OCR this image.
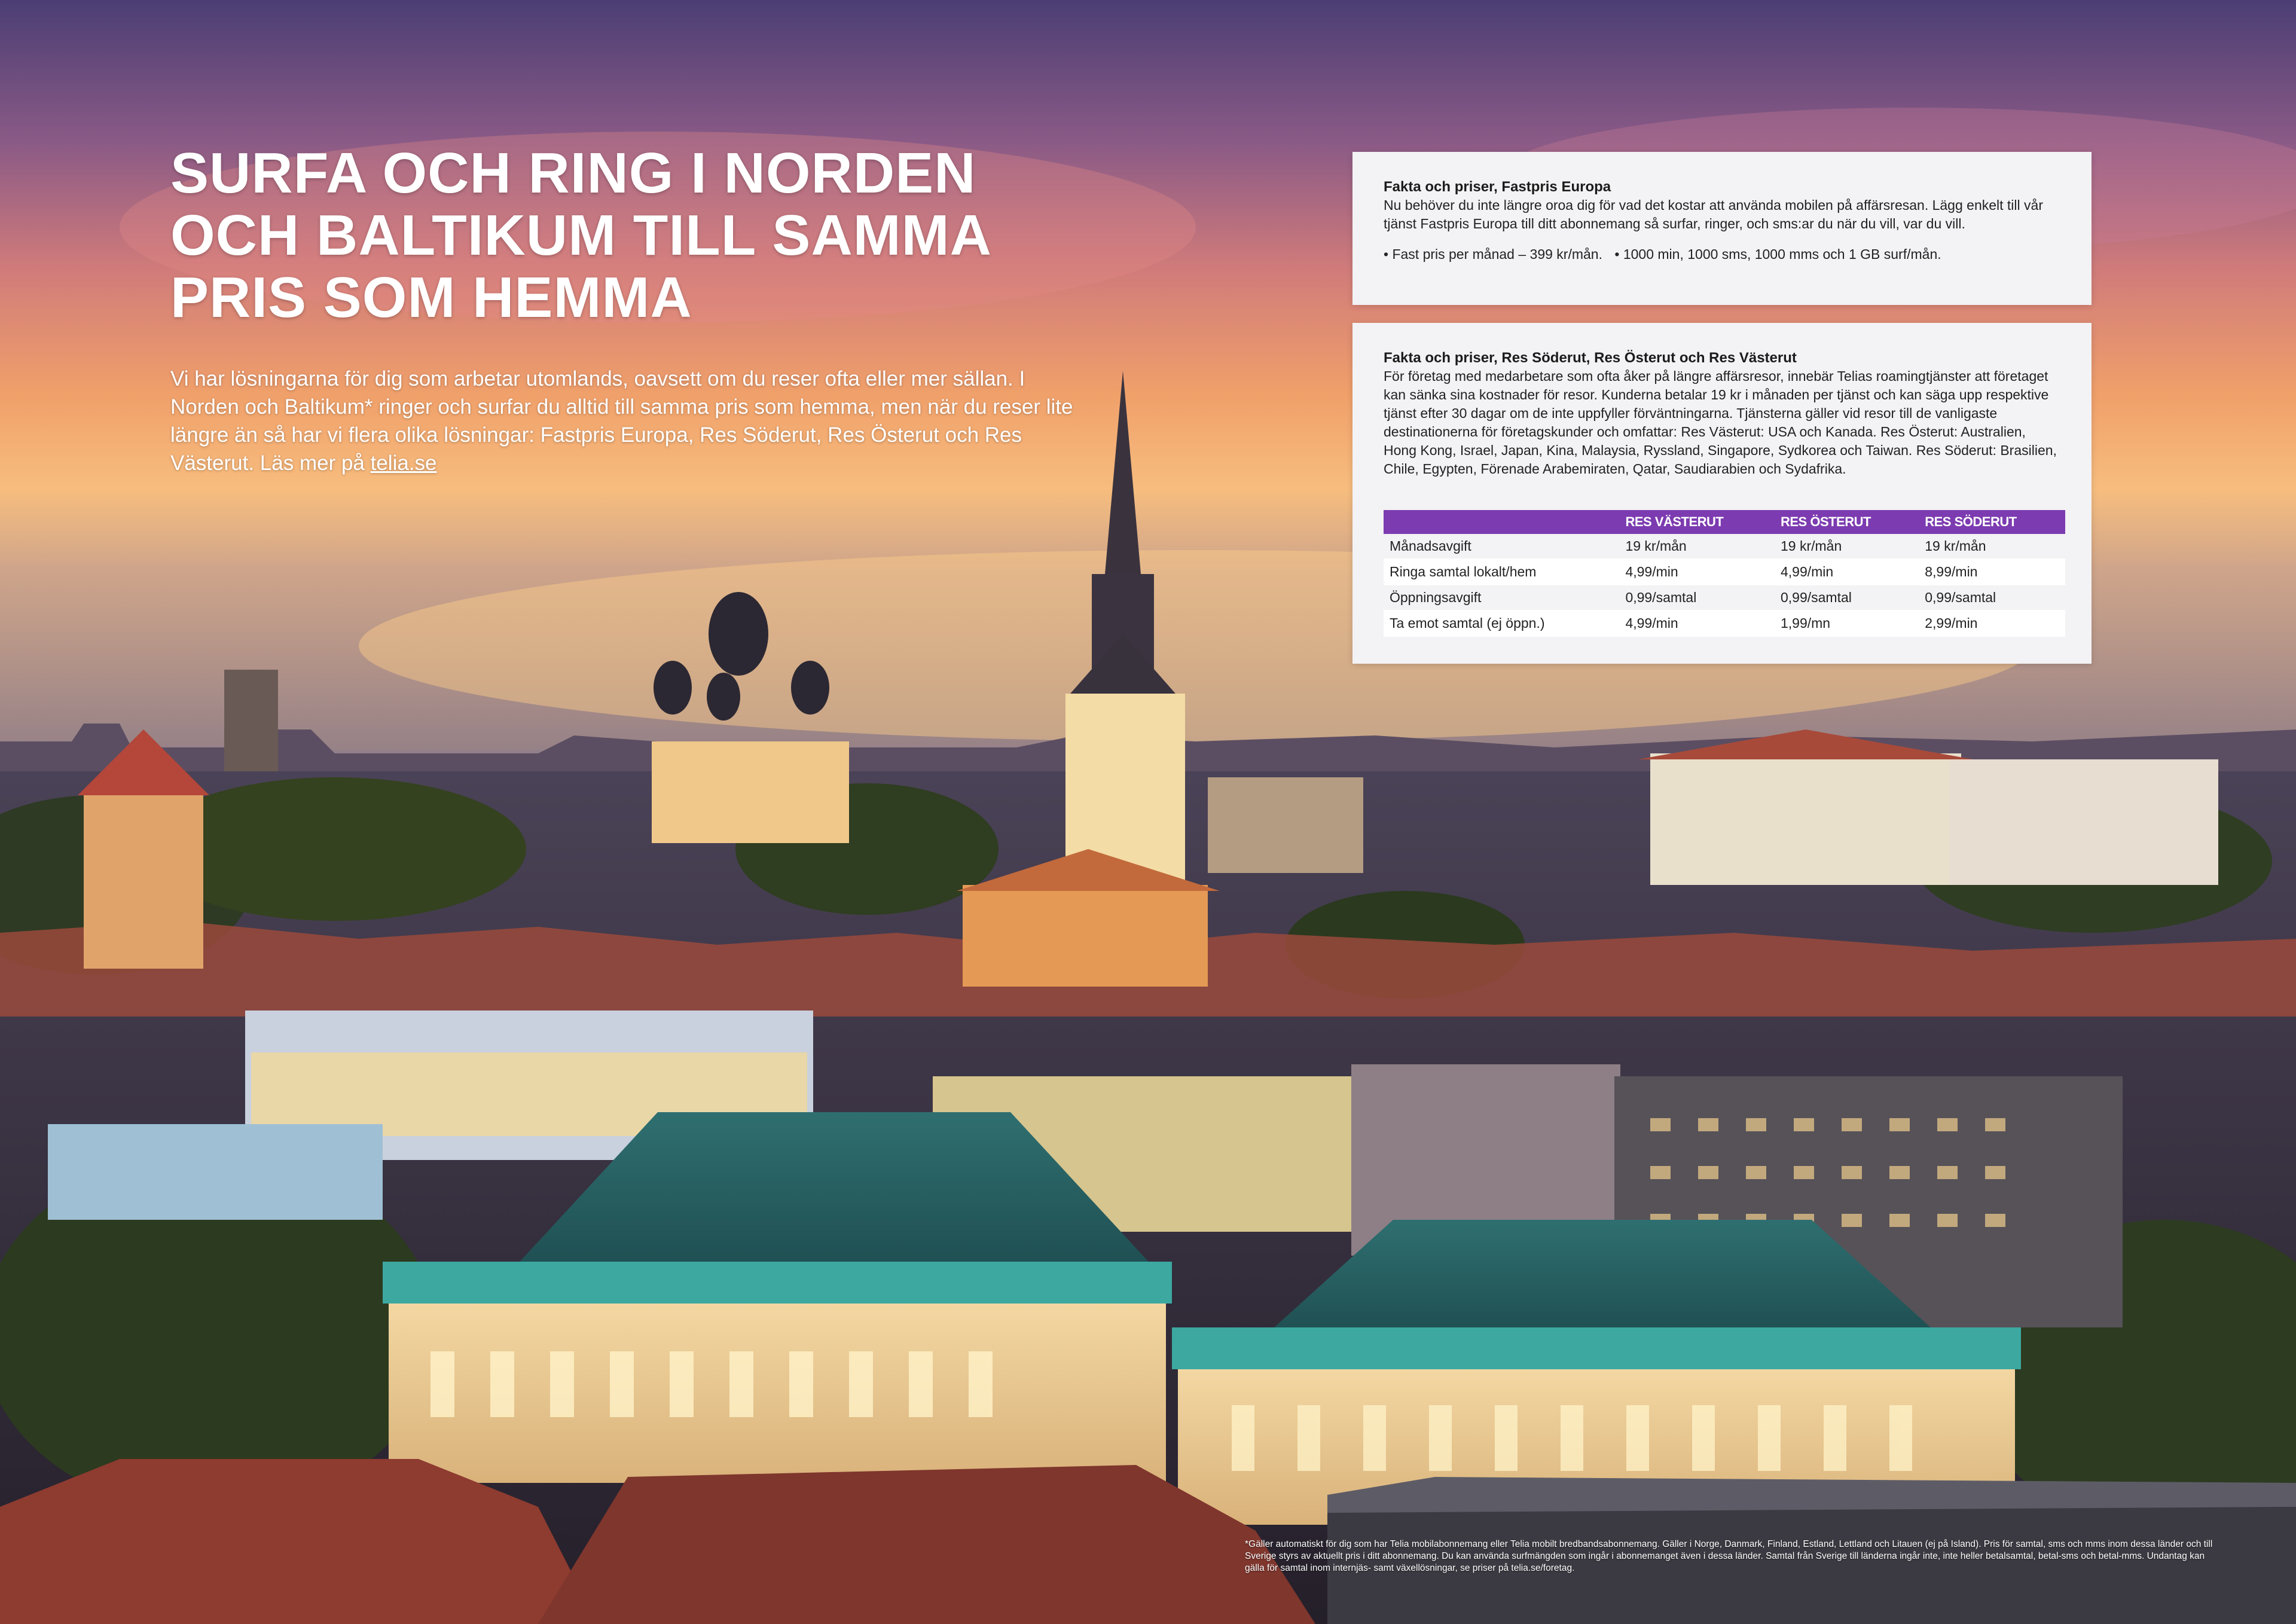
SURFA OCH RING I NORDEN
OCH BALTIKUM TILL SAMMA
PRIS SOM HEMMA

Vi har lösningarna för dig som arbetar utomlands, oavsett om du reser ofta eller mer sällan. I Norden och Baltikum* ringer och surfar du alltid till samma pris som hemma, men när du reser lite längre än så har vi flera olika lösningar: Fastpris Europa, Res Söderut, Res Österut och Res Västerut. Läs mer på telia.se

Fakta och priser, Fastpris Europa

Nu behöver du inte längre oroa dig för vad det kostar att använda mobilen på affärsresan. Lägg enkelt till vår tjänst Fastpris Europa till ditt abonnemang så surfar, ringer, och sms:ar du när du vill, var du vill.

• Fast pris per månad – 399 kr/mån. • 1000 min, 1000 sms, 1000 mms och 1 GB surf/mån.
Fakta och priser, Res Söderut, Res Österut och Res Västerut

För företag med medarbetare som ofta åker på längre affärsresor, innebär Telias roamingtjänster att företaget kan sänka sina kostnader för resor. Kunderna betalar 19 kr i månaden per tjänst och kan säga upp respektive tjänst efter 30 dagar om de inte uppfyller förväntningarna. Tjänsterna gäller vid resor till de vanligaste destinationerna för företagskunder och omfattar: Res Västerut: USA och Kanada. Res Österut: Australien, Hong Kong, Israel, Japan, Kina, Malaysia, Ryssland, Singapore, Sydkorea och Taiwan. Res Söderut: Brasilien, Chile, Egypten, Förenade Arabemiraten, Qatar, Saudiarabien och Sydafrika.

	RES VÄSTERUT	RES ÖSTERUT	RES SÖDERUT
Månadsavgift	19 kr/mån	19 kr/mån	19 kr/mån
Ringa samtal lokalt/hem	4,99/min	4,99/min	8,99/min
Öppningsavgift	0,99/samtal	0,99/samtal	0,99/samtal
Ta emot samtal (ej öppn.)	4,99/min	1,99/mn	2,99/min

*Gäller automatiskt för dig som har Telia mobilabonnemang eller Telia mobilt bredbandsabonnemang. Gäller i Norge, Danmark, Finland, Estland, Lettland och Litauen (ej på Island). Pris för samtal, sms och mms inom dessa länder och till Sverige styrs av aktuellt pris i ditt abonnemang. Du kan använda surfmängden som ingår i abonnemanget även i dessa länder. Samtal från Sverige till länderna ingår inte, inte heller betalsamtal, betal-sms och betal-mms. Undantag kan gälla för samtal inom internjäs- samt växellösningar, se priser på telia.se/foretag.
